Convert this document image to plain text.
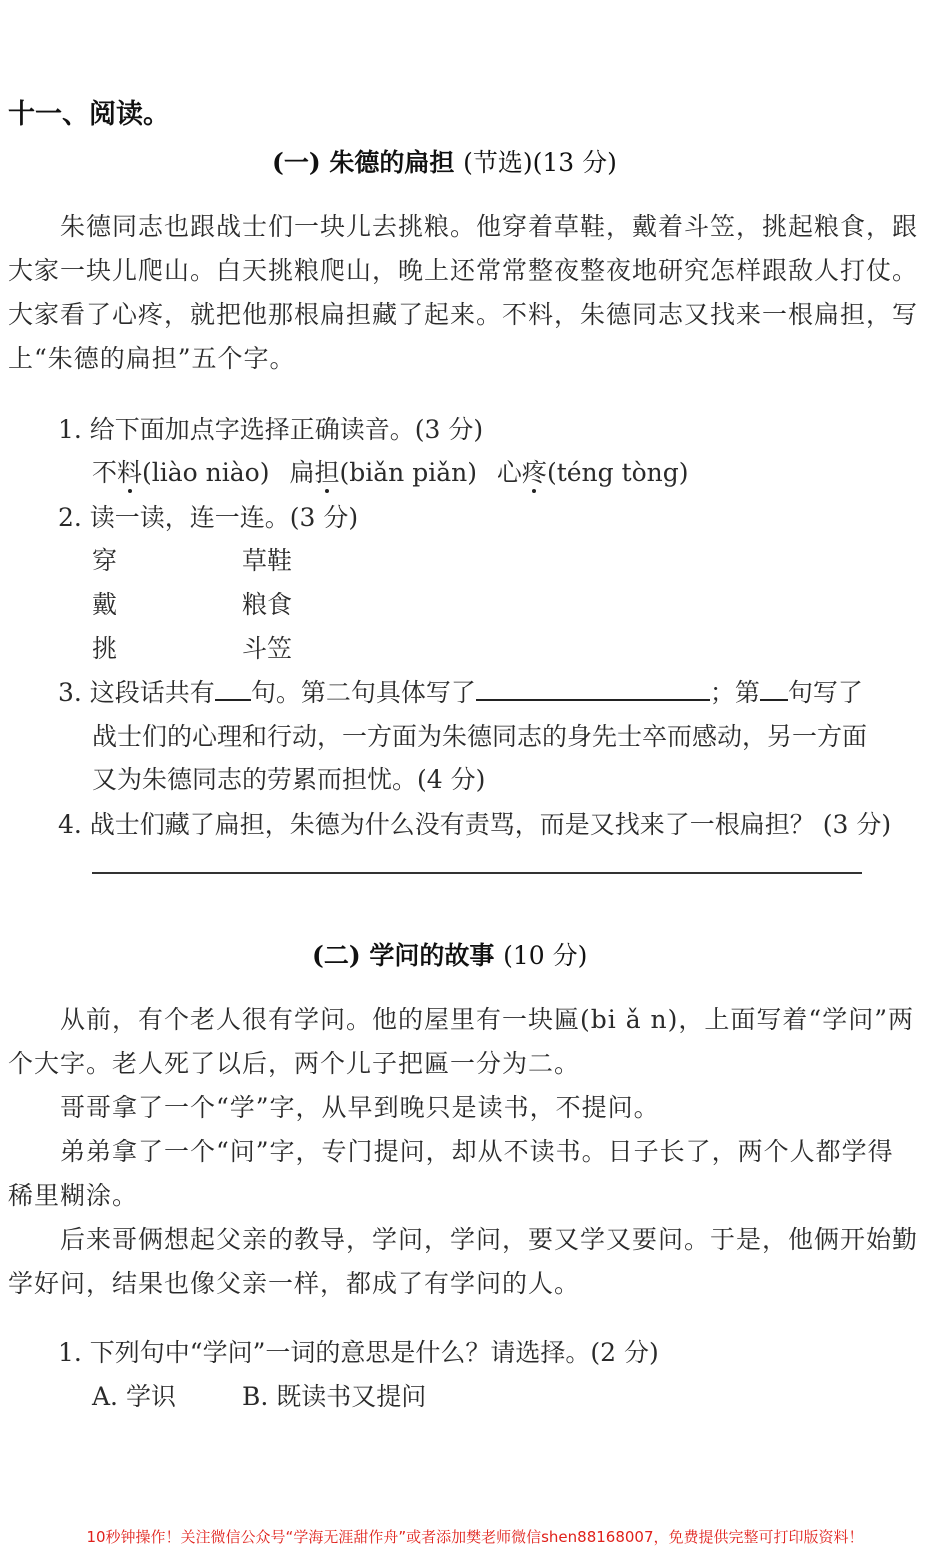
十一、阅读。
(一) 朱德的扁担 (节选)(13 分)
朱德同志也跟战士们一块儿去挑粮。他穿着草鞋，戴着斗笠，挑起粮食，跟
大家一块儿爬山。白天挑粮爬山，晚上还常常整夜整夜地研究怎样跟敌人打仗。
大家看了心疼，就把他那根扁担藏了起来。不料，朱德同志又找来一根扁担，写
上“朱德的扁担”五个字。
1. 给下面加点字选择正确读音。(3 分)
不料(liào niào) 扁担(biǎn piǎn) 心疼(téng tòng)
2. 读一读，连一连。(3 分)
穿
戴
挑
草鞋
粮食
斗笠
3. 这段话共有 句。第二句具体写了	；第 句写了
战士们的心理和行动，一方面为朱德同志的身先士卒而感动，另一方面
又为朱德同志的劳累而担忧。(4 分)
4. 战士们藏了扁担，朱德为什么没有责骂，而是又找来了一根扁担？ (3 分)
(二) 学问的故事 (10 分)
从前，有个老人很有学问。他的屋里有一块匾(bi ǎ n)，上面写着“学问”两
个大字。老人死了以后，两个儿子把匾一分为二。
哥哥拿了一个“学”字，从早到晚只是读书，不提问。
弟弟拿了一个“问”字，专门提问，却从不读书。日子长了，两个人都学得
稀里糊涂。
后来哥俩想起父亲的教导，学问，学问，要又学又要问。于是，他俩开始勤
学好问，结果也像父亲一样，都成了有学问的人。
1. 下列句中“学问”一词的意思是什么？请选择。(2 分)
A. 学识	B. 既读书又提问
10秒钟操作！关注微信公众号“学海无涯甜作舟”或者添加樊老师微信shen88168007，免费提供完整可打印版资料！
